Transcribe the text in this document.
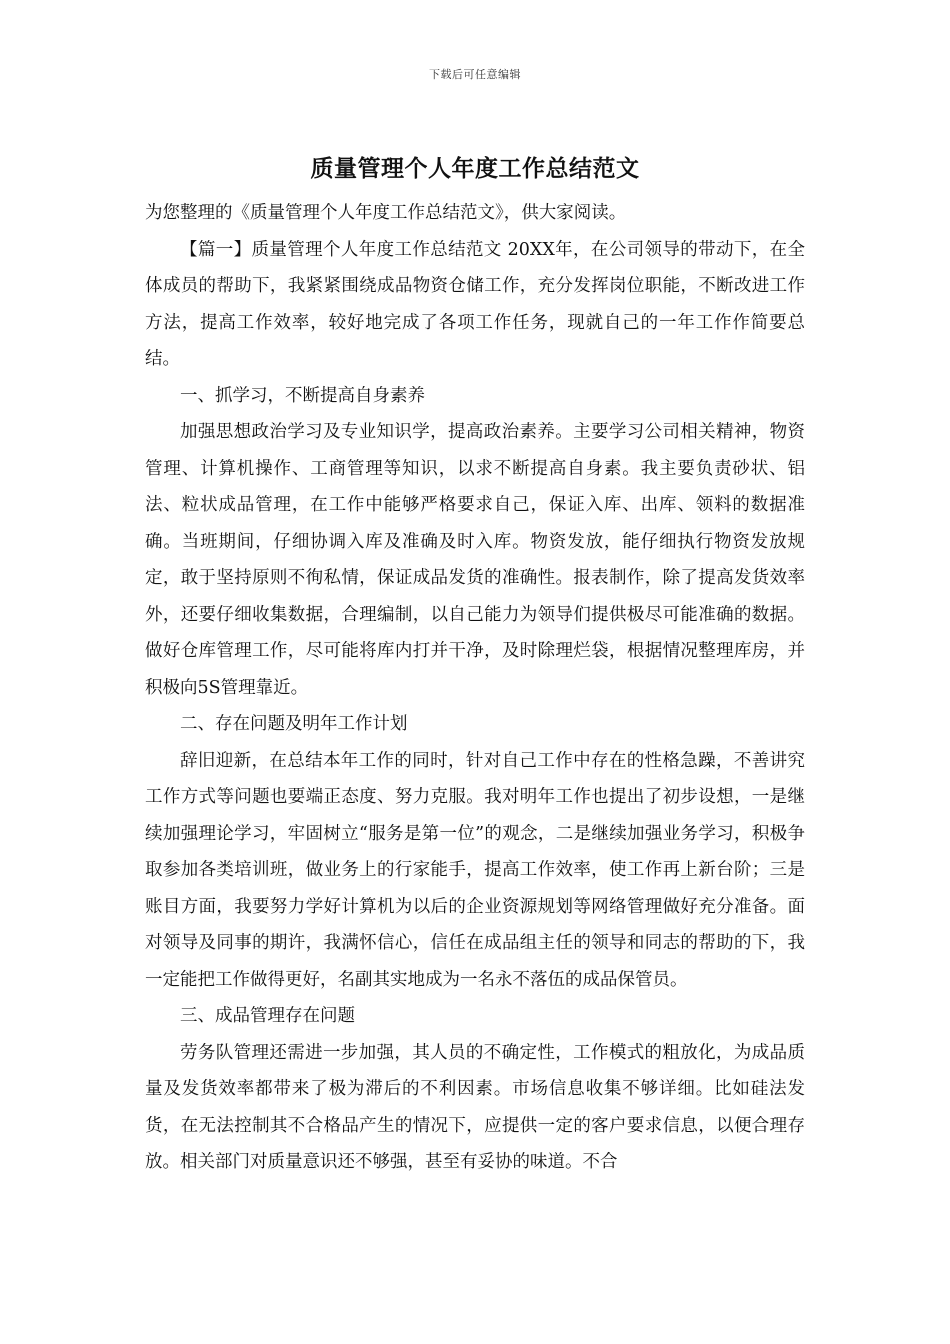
下载后可任意编辑
质量管理个人年度工作总结范文

为您整理的《质量管理个人年度工作总结范文》，供大家阅读。

【篇一】质量管理个人年度工作总结范文 20XX年，在公司领导的带动下，在全体成员的帮助下，我紧紧围绕成品物资仓储工作，充分发挥岗位职能，不断改进工作方法，提高工作效率，较好地完成了各项工作任务，现就自己的一年工作作简要总结。

一、抓学习，不断提高自身素养

加强思想政治学习及专业知识学，提高政治素养。主要学习公司相关精神，物资管理、计算机操作、工商管理等知识，以求不断提高自身素。我主要负责砂状、铝法、粒状成品管理，在工作中能够严格要求自己，保证入库、出库、领料的数据准确。当班期间，仔细协调入库及准确及时入库。物资发放，能仔细执行物资发放规定，敢于坚持原则不徇私情，保证成品发货的准确性。报表制作，除了提高发货效率外，还要仔细收集数据，合理编制，以自己能力为领导们提供极尽可能准确的数据。做好仓库管理工作，尽可能将库内打并干净，及时除理烂袋，根据情况整理库房，并积极向5S管理靠近。

二、存在问题及明年工作计划

辞旧迎新，在总结本年工作的同时，针对自己工作中存在的性格急躁，不善讲究工作方式等问题也要端正态度、努力克服。我对明年工作也提出了初步设想，一是继续加强理论学习，牢固树立“服务是第一位”的观念，二是继续加强业务学习，积极争取参加各类培训班，做业务上的行家能手，提高工作效率，使工作再上新台阶；三是账目方面，我要努力学好计算机为以后的企业资源规划等网络管理做好充分准备。面对领导及同事的期许，我满怀信心，信任在成品组主任的领导和同志的帮助的下，我一定能把工作做得更好，名副其实地成为一名永不落伍的成品保管员。

三、成品管理存在问题

劳务队管理还需进一步加强，其人员的不确定性，工作模式的粗放化，为成品质量及发货效率都带来了极为滞后的不利因素。市场信息收集不够详细。比如硅法发货，在无法控制其不合格品产生的情况下，应提供一定的客户要求信息，以便合理存放。相关部门对质量意识还不够强，甚至有妥协的味道。不合
